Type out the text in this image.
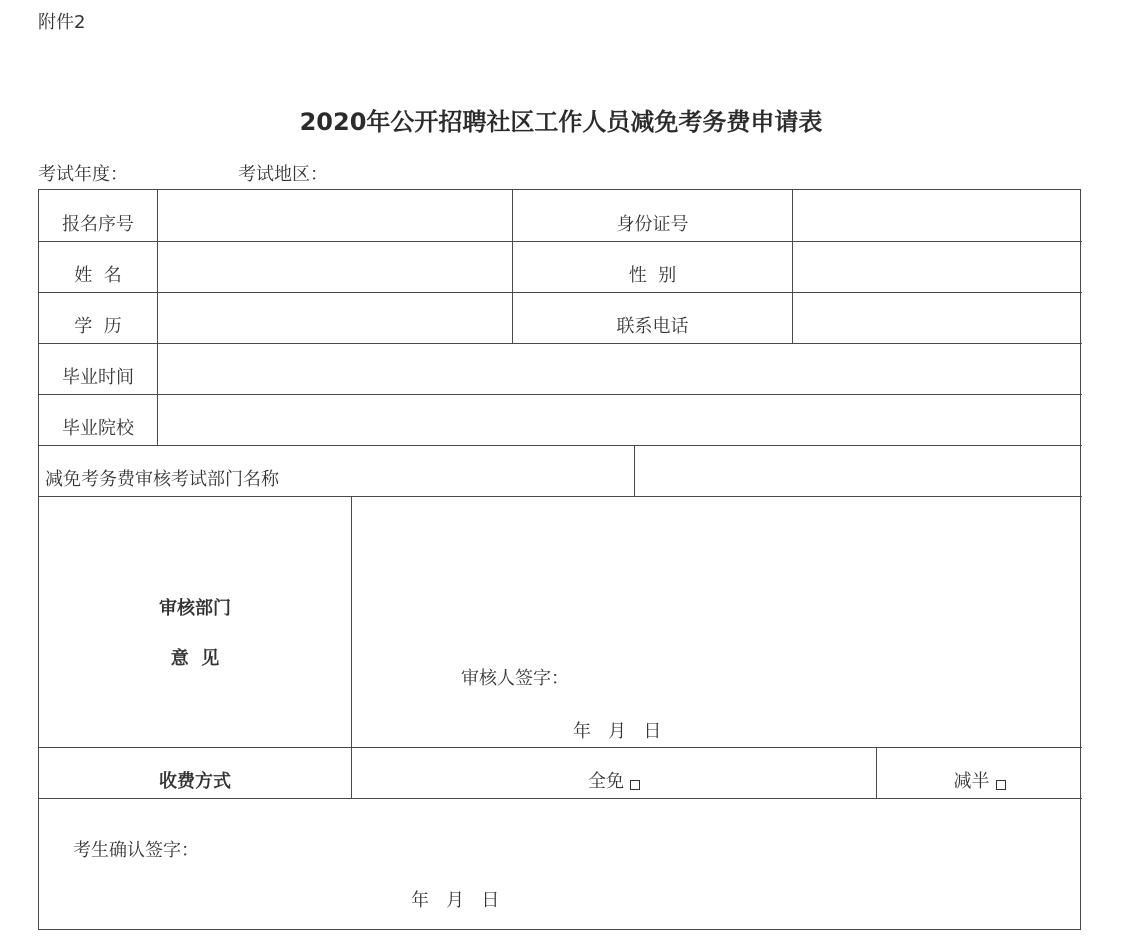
附件2
2020年公开招聘社区工作人员减免考务费申请表
考试年度：	考试地区：
报名序号	身份证号
姓  名	性  别
学  历	联系电话
毕业时间
毕业院校
减免考务费审核考试部门名称
审核部门
意  见
审核人签字：
年   月   日
收费方式	全免	减半
考生确认签字：
年   月   日
